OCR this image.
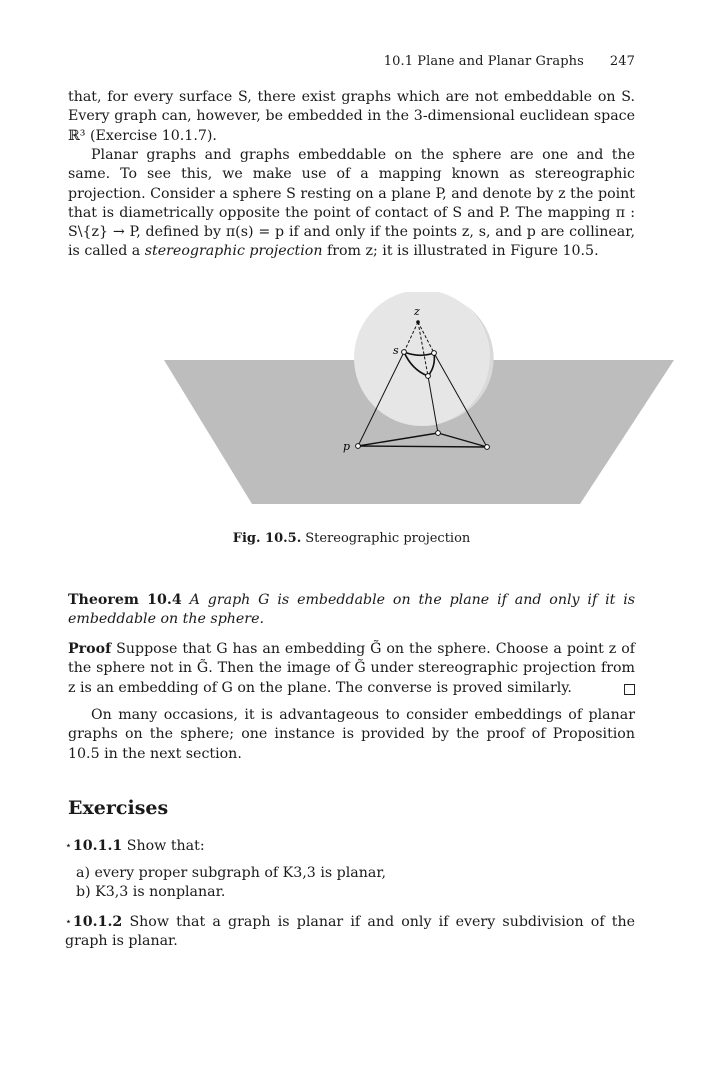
10.1 Plane and Planar Graphs 247

that, for every surface S, there exist graphs which are not embeddable on S. Every graph can, however, be embedded in the 3-dimensional euclidean space ℝ³ (Exercise 10.1.7).

Planar graphs and graphs embeddable on the sphere are one and the same. To see this, we make use of a mapping known as stereographic projection. Consider a sphere S resting on a plane P, and denote by z the point that is diametrically opposite the point of contact of S and P. The mapping π : S\{z} → P, defined by π(s) = p if and only if the points z, s, and p are collinear, is called a stereographic projection from z; it is illustrated in Figure 10.5.

z
s
p
Fig. 10.5. Stereographic projection

Theorem 10.4 A graph G is embeddable on the plane if and only if it is embeddable on the sphere.

Proof Suppose that G has an embedding G̃ on the sphere. Choose a point z of the sphere not in G̃. Then the image of G̃ under stereographic projection from z is an embedding of G on the plane. The converse is proved similarly.

On many occasions, it is advantageous to consider embeddings of planar graphs on the sphere; one instance is provided by the proof of Proposition 10.5 in the next section.

Exercises
⋆10.1.1 Show that:
a) every proper subgraph of K3,3 is planar,
b) K3,3 is nonplanar.
⋆10.1.2 Show that a graph is planar if and only if every subdivision of the graph is planar.
